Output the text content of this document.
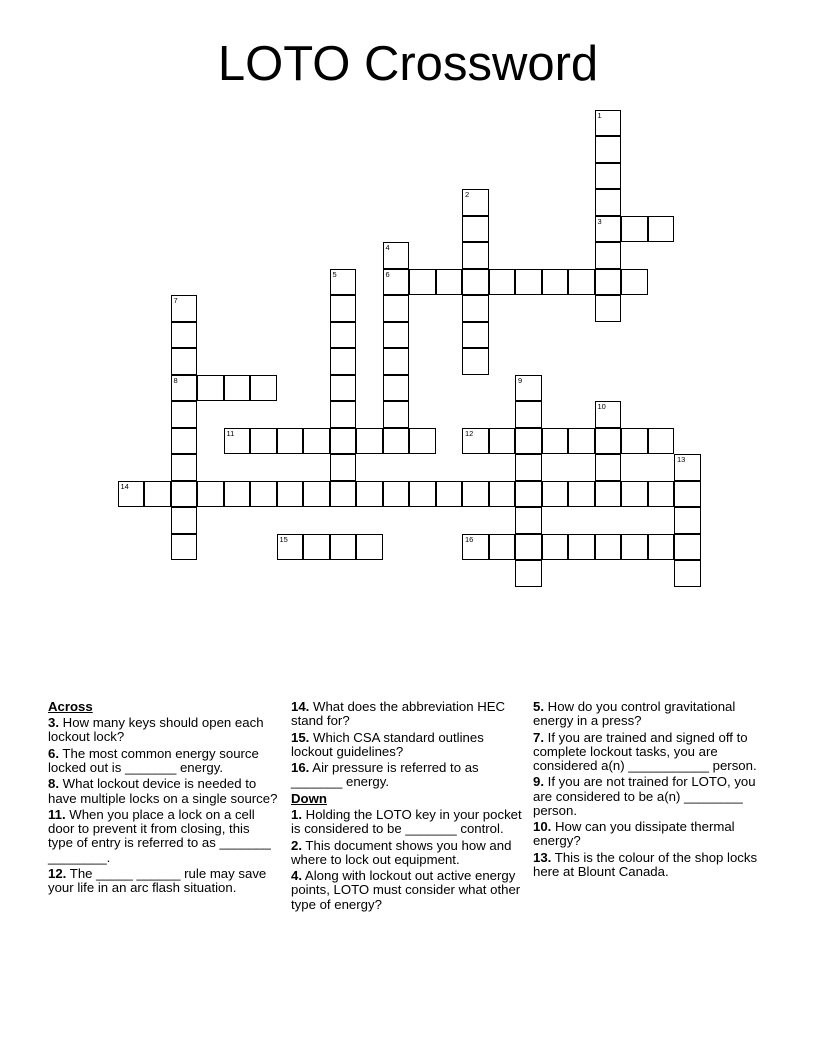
LOTO Crossword
1
3
2
4
6
5
7
8	9
10
11	12
13
14
15	16
Across
3. How many keys should open each lockout lock?
6. The most common energy source locked out is _______ energy.
8. What lockout device is needed to have multiple locks on a single source?
11. When you place a lock on a cell door to prevent it from closing, this type of entry is referred to as _______ ________.
12. The _____ ______ rule may save your life in an arc flash situation.
14. What does the abbreviation HEC stand for?
15. Which CSA standard outlines lockout guidelines?
16. Air pressure is referred to as _______ energy.
Down
1. Holding the LOTO key in your pocket is considered to be _______ control.
2. This document shows you how and where to lock out equipment.
4. Along with lockout out active energy points, LOTO must consider what other type of energy?
5. How do you control gravitational energy in a press?
7. If you are trained and signed off to complete lockout tasks, you are considered a(n) ___________ person.
9. If you are not trained for LOTO, you are considered to be a(n) ________ person.
10. How can you dissipate thermal energy?
13. This is the colour of the shop locks here at Blount Canada.
